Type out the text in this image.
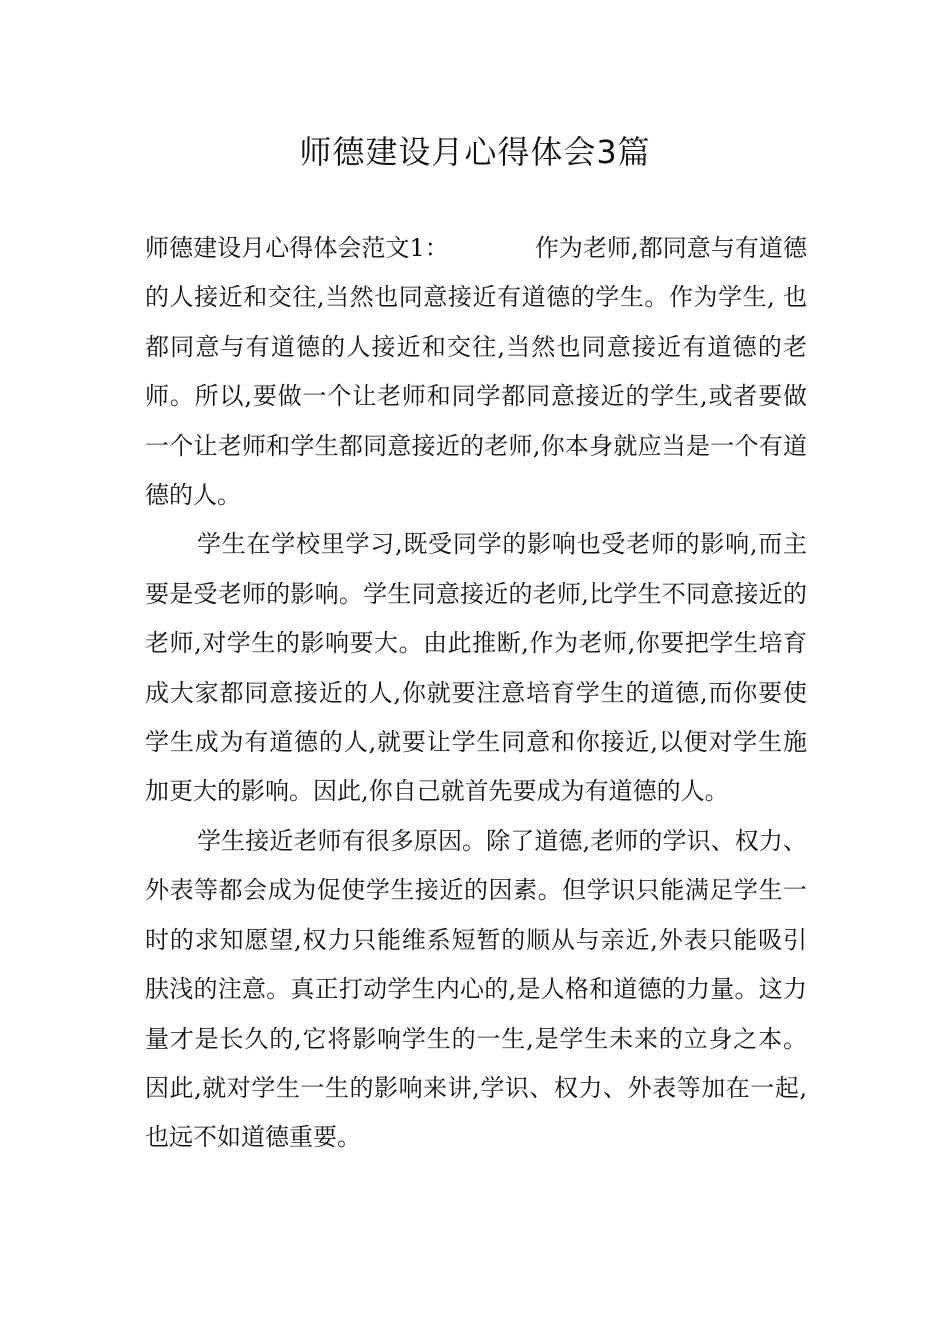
师德建设月心得体会3篇

师德建设月心得体会范文1：	作为老师,都同意与有道德的人接近和交往,当然也同意接近有道德的学生。作为学生, 也都同意与有道德的人接近和交往,当然也同意接近有道德的老师。所以,要做一个让老师和同学都同意接近的学生,或者要做一个让老师和学生都同意接近的老师,你本身就应当是一个有道德的人。

学生在学校里学习,既受同学的影响也受老师的影响,而主要是受老师的影响。学生同意接近的老师,比学生不同意接近的老师,对学生的影响要大。由此推断,作为老师,你要把学生培育成大家都同意接近的人,你就要注意培育学生的道德,而你要使学生成为有道德的人,就要让学生同意和你接近,以便对学生施加更大的影响。因此,你自己就首先要成为有道德的人。

学生接近老师有很多原因。除了道德,老师的学识、权力、外表等都会成为促使学生接近的因素。但学识只能满足学生一时的求知愿望,权力只能维系短暂的顺从与亲近,外表只能吸引肤浅的注意。真正打动学生内心的,是人格和道德的力量。这力量才是长久的,它将影响学生的一生,是学生未来的立身之本。因此,就对学生一生的影响来讲,学识、权力、外表等加在一起,也远不如道德重要。
